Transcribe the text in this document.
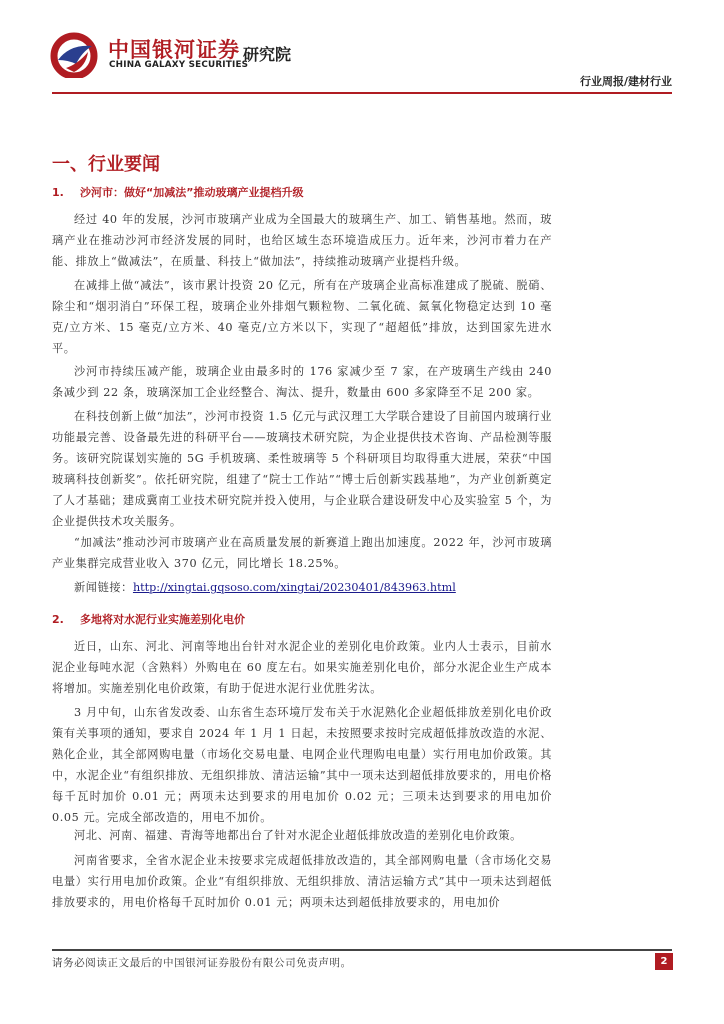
中国银河证券
CHINA GALAXY SECURITIES
研究院
行业周报/建材行业
一、行业要闻
1. 沙河市：做好“加减法”推动玻璃产业提档升级
经过 40 年的发展，沙河市玻璃产业成为全国最大的玻璃生产、加工、销售基地。然而，玻璃产业在推动沙河市经济发展的同时，也给区域生态环境造成压力。近年来，沙河市着力在产能、排放上“做减法”，在质量、科技上“做加法”，持续推动玻璃产业提档升级。
在减排上做“减法”，该市累计投资 20 亿元，所有在产玻璃企业高标准建成了脱硫、脱硝、除尘和“烟羽消白”环保工程，玻璃企业外排烟气颗粒物、二氧化硫、氮氧化物稳定达到 10 毫克/立方米、15 毫克/立方米、40 毫克/立方米以下，实现了“超超低”排放，达到国家先进水平。
沙河市持续压减产能，玻璃企业由最多时的 176 家减少至 7 家，在产玻璃生产线由 240 条减少到 22 条，玻璃深加工企业经整合、淘汰、提升，数量由 600 多家降至不足 200 家。
在科技创新上做“加法”，沙河市投资 1.5 亿元与武汉理工大学联合建设了目前国内玻璃行业功能最完善、设备最先进的科研平台——玻璃技术研究院，为企业提供技术咨询、产品检测等服务。该研究院谋划实施的 5G 手机玻璃、柔性玻璃等 5 个科研项目均取得重大进展，荣获“中国玻璃科技创新奖”。依托研究院，组建了“院士工作站”“博士后创新实践基地”，为产业创新奠定了人才基础；建成冀南工业技术研究院并投入使用，与企业联合建设研发中心及实验室 5 个，为企业提供技术攻关服务。
“加减法”推动沙河市玻璃产业在高质量发展的新赛道上跑出加速度。2022 年，沙河市玻璃产业集群完成营业收入 370 亿元，同比增长 18.25%。
新闻链接：http://xingtai.gqsoso.com/xingtai/20230401/843963.html
2. 多地将对水泥行业实施差别化电价
近日，山东、河北、河南等地出台针对水泥企业的差别化电价政策。业内人士表示，目前水泥企业每吨水泥（含熟料）外购电在 60 度左右。如果实施差别化电价，部分水泥企业生产成本将增加。实施差别化电价政策，有助于促进水泥行业优胜劣汰。
3 月中旬，山东省发改委、山东省生态环境厅发布关于水泥熟化企业超低排放差别化电价政策有关事项的通知，要求自 2024 年 1 月 1 日起，未按照要求按时完成超低排放改造的水泥、熟化企业，其全部网购电量（市场化交易电量、电网企业代理购电电量）实行用电加价政策。其中，水泥企业“有组织排放、无组织排放、清洁运输”其中一项未达到超低排放要求的，用电价格每千瓦时加价 0.01 元；两项未达到要求的用电加价 0.02 元；三项未达到要求的用电加价 0.05 元。完成全部改造的，用电不加价。
河北、河南、福建、青海等地都出台了针对水泥企业超低排放改造的差别化电价政策。
河南省要求，全省水泥企业未按要求完成超低排放改造的，其全部网购电量（含市场化交易电量）实行用电加价政策。企业“有组织排放、无组织排放、清洁运输方式”其中一项未达到超低排放要求的，用电价格每千瓦时加价 0.01 元；两项未达到超低排放要求的，用电加价
请务必阅读正文最后的中国银河证券股份有限公司免责声明。	2
